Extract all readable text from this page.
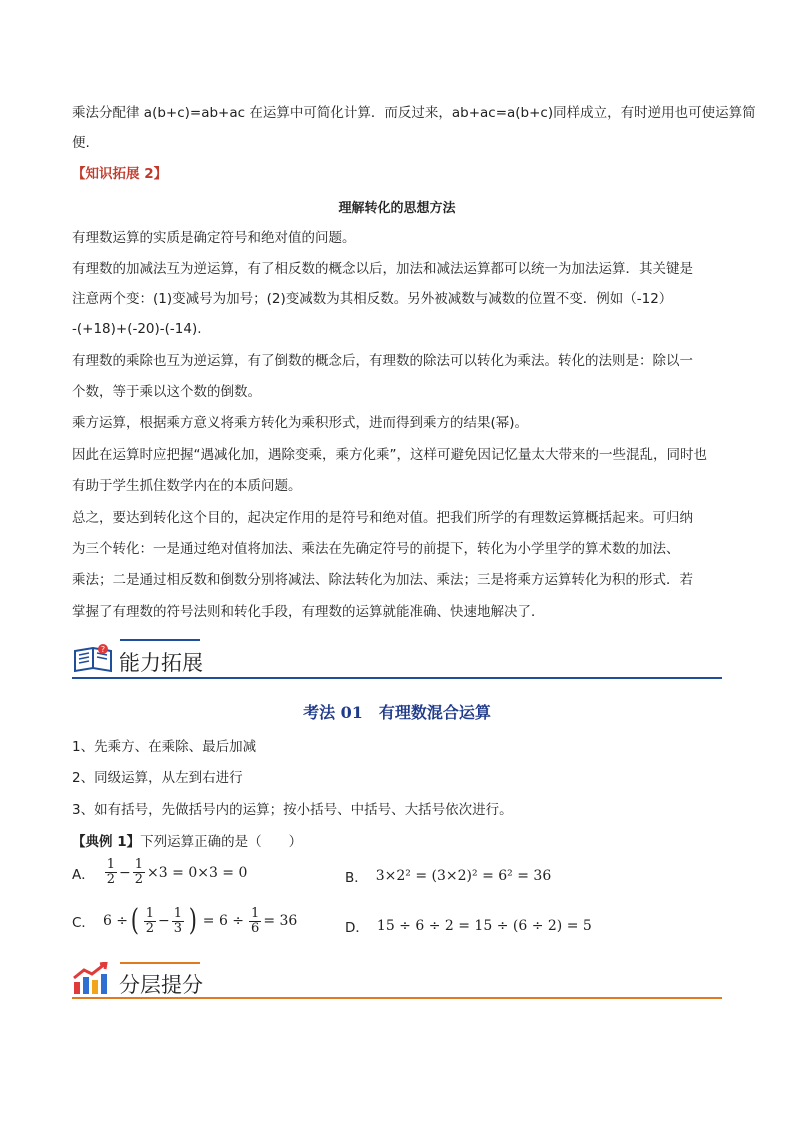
乘法分配律 a(b+c)=ab+ac 在运算中可简化计算．而反过来，ab+ac=a(b+c)同样成立，有时逆用也可使运算简
便.
【知识拓展 2】
理解转化的思想方法
有理数运算的实质是确定符号和绝对值的问题。
有理数的加减法互为逆运算，有了相反数的概念以后，加法和减法运算都可以统一为加法运算．其关键是
注意两个变：(1)变减号为加号；(2)变减数为其相反数。另外被减数与减数的位置不变．例如（-12）
-(+18)+(-20)-(-14).
有理数的乘除也互为逆运算，有了倒数的概念后，有理数的除法可以转化为乘法。转化的法则是：除以一
个数，等于乘以这个数的倒数。
乘方运算，根据乘方意义将乘方转化为乘积形式，进而得到乘方的结果(幂)。
因此在运算时应把握“遇减化加，遇除变乘，乘方化乘”，这样可避免因记忆量太大带来的一些混乱，同时也
有助于学生抓住数学内在的本质问题。
总之，要达到转化这个目的，起决定作用的是符号和绝对值。把我们所学的有理数运算概括起来。可归纳
为三个转化：一是通过绝对值将加法、乘法在先确定符号的前提下，转化为小学里学的算术数的加法、
乘法；二是通过相反数和倒数分别将减法、除法转化为加法、乘法；三是将乘方运算转化为积的形式．若
掌握了有理数的符号法则和转化手段，有理数的运算就能准确、快速地解决了．
?
能力拓展
考法 01　有理数混合运算
1、先乘方、在乘除、最后加减
2、同级运算，从左到右进行
3、如有括号，先做括号内的运算；按小括号、中括号、大括号依次进行。
【典例 1】下列运算正确的是（　　）
A． $\frac{1}{2} - \frac{1}{2} \times 3 = 0\times 3 = 0$	B． 3×2² = (3×2)² = 6² = 36
C． 6 ÷ ( $\frac{1}{2} - \frac{1}{3}$ ) = $6 \div \frac{1}{6} = 36$	D． 15 ÷ 6 ÷ 2 = 15 ÷ (6 ÷ 2) = 5
分层提分
